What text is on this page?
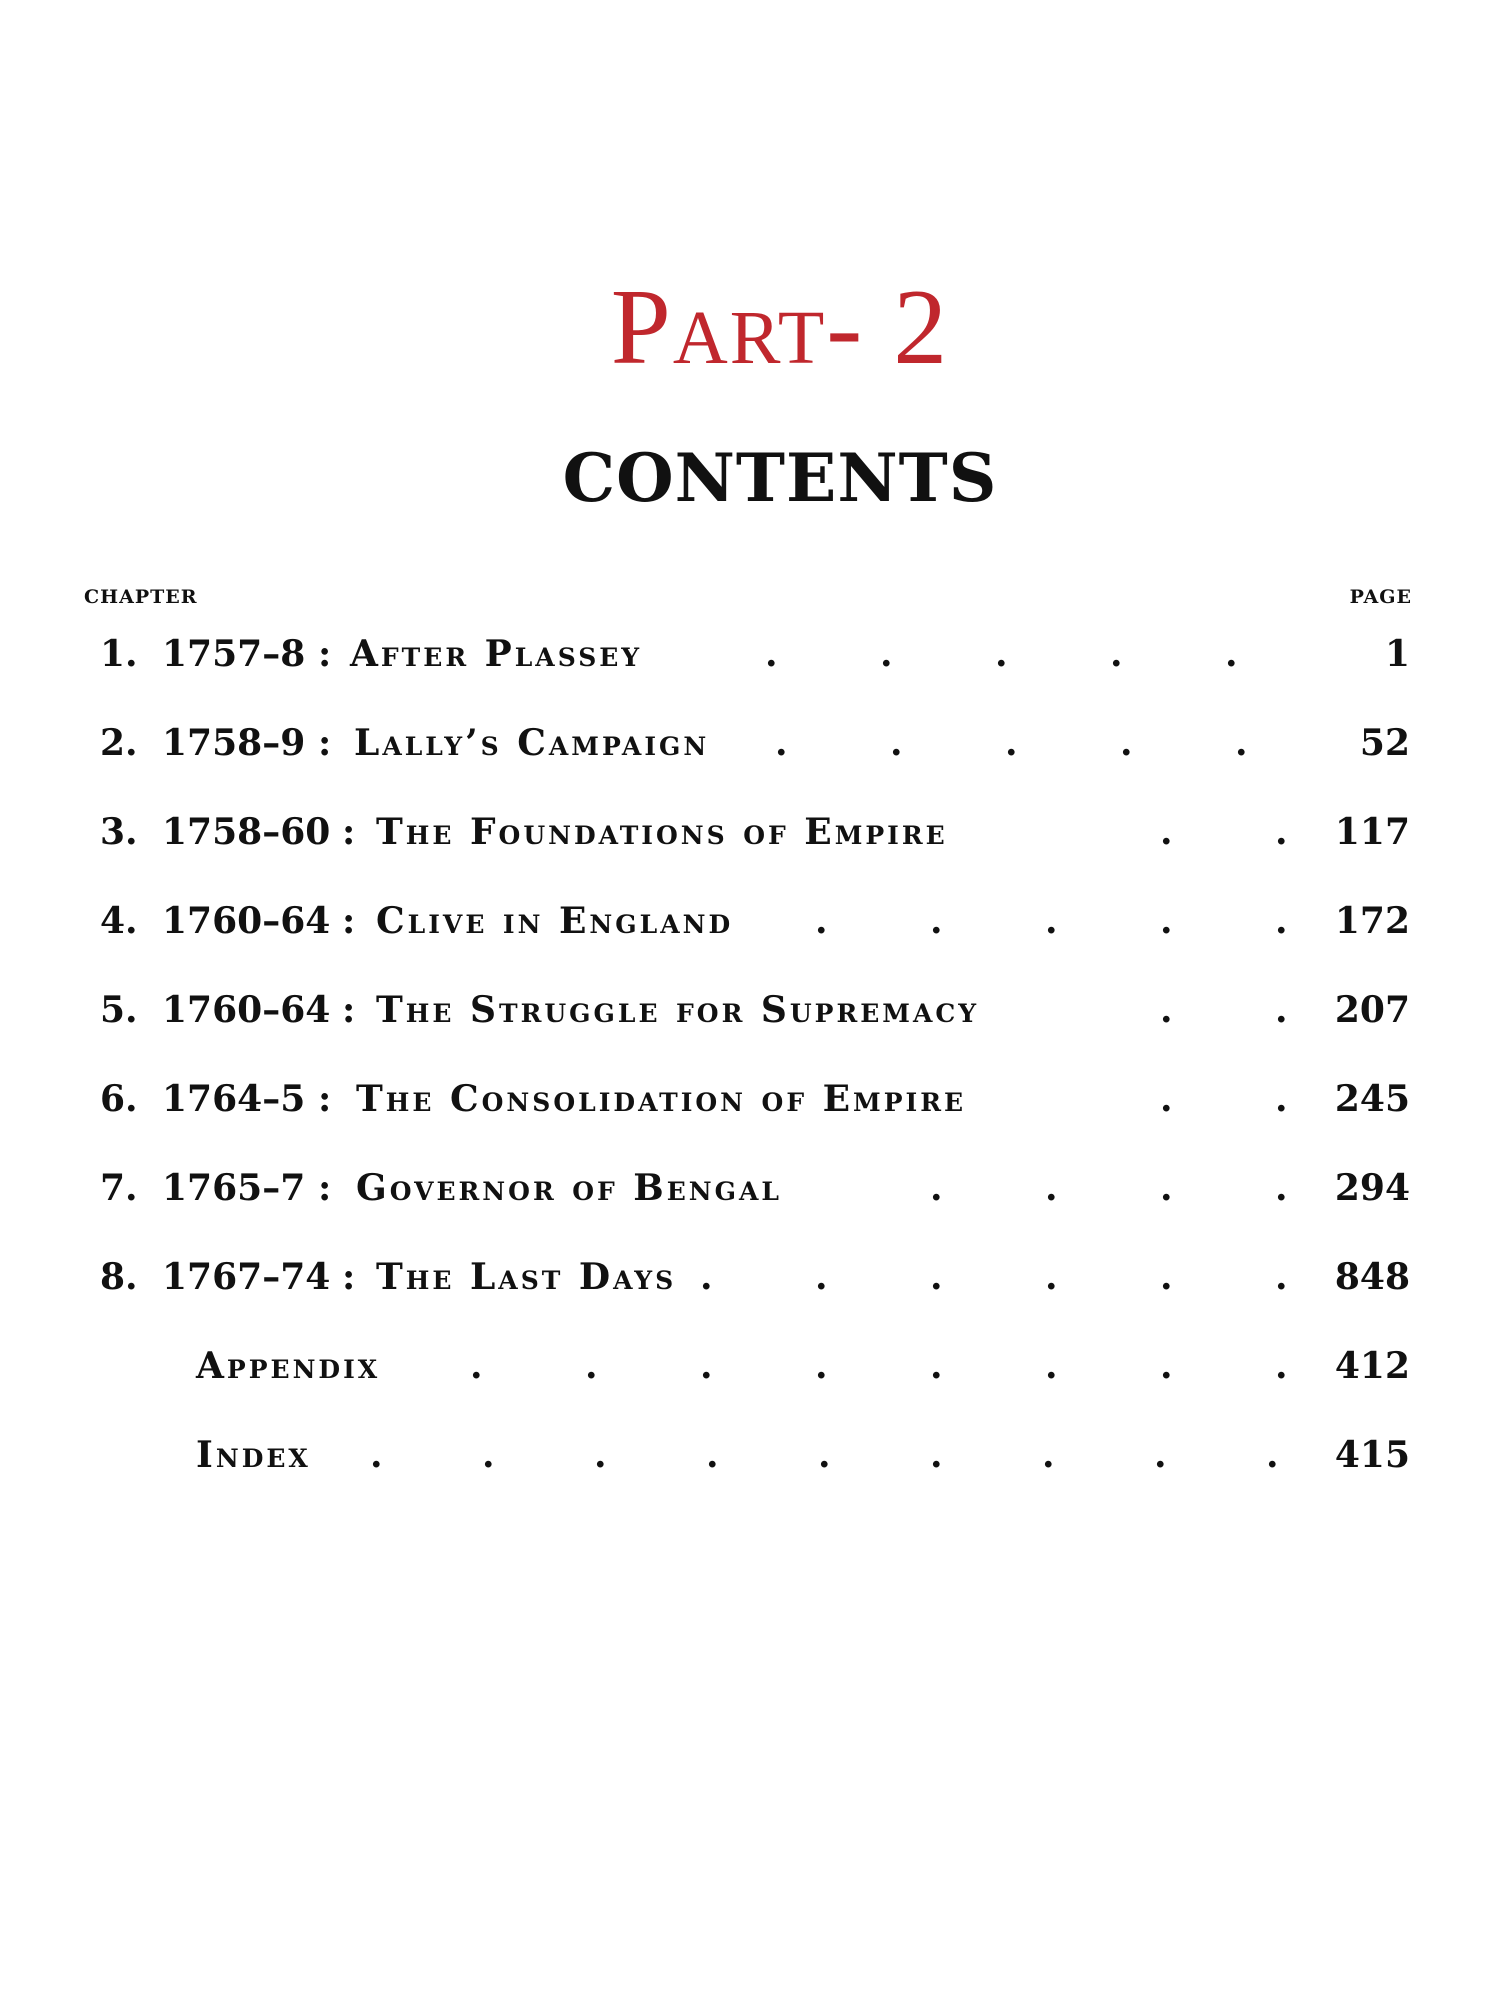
Part- 2
CONTENTS
CHAPTER	PAGE
1. 1757–8 : After Plassey	.	.	.	.	.	1
2. 1758–9 : Lally’s Campaign .	.	.	.	.	52
3. 1758–60 : The Foundations of Empire	.	. 117
4. 1760–64 : Clive in England .	.	.	.	. 172
5. 1760–64 : The Struggle for Supremacy	.	. 207
6. 1764–5 : The Consolidation of Empire	.	. 245
7. 1765–7 : Governor of Bengal	.	.	.	. 294
8. 1767–74 : The Last Days .	.	.	.	.	. 848
Appendix .	.	.	.	.	.	.	. 412
Index .	.	.	.	.	.	.	.	. 415
